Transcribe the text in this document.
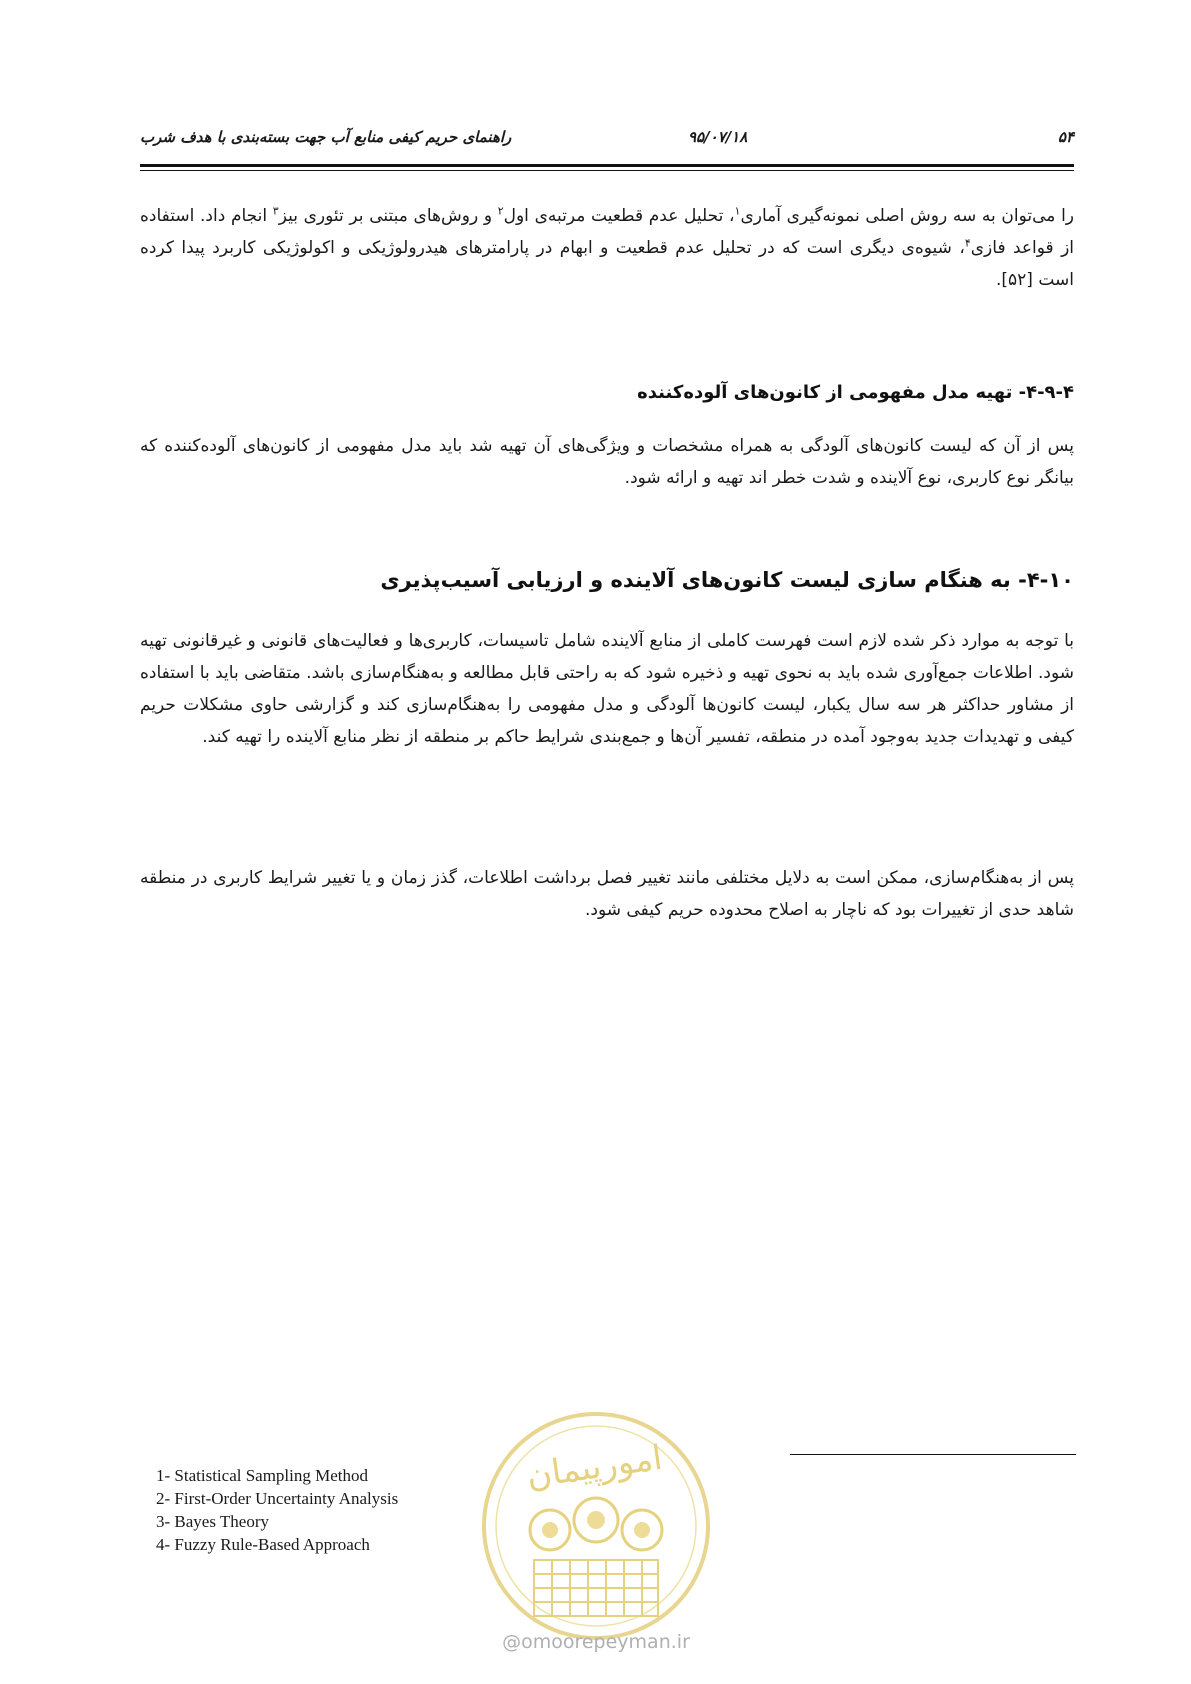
۵۴
۹۵/۰۷/۱۸
راهنمای حریم کیفی منابع آب جهت بسته‌بندی با هدف شرب
را می‌توان به سه روش اصلی نمونه‌گیری آماری$^۱$، تحلیل عدم قطعیت مرتبه‌ی اول$^۲$ و روش‌های مبتنی بر تئوری بیز$^۳$ انجام داد. استفاده از قواعد فازی$^۴$، شیوه‌ی دیگری است که در تحلیل عدم قطعیت و ابهام در پارامترهای هیدرولوژیکی و اکولوژیکی کاربرد پیدا کرده است [۵۲].
۴-۹-۴- تهیه مدل مفهومی از کانون‌های آلوده‌کننده
پس از آن که لیست کانون‌های آلودگی به همراه مشخصات و ویژگی‌های آن تهیه شد باید مدل مفهومی از کانون‌های آلوده‌کننده که بیانگر نوع کاربری، نوع آلاینده و شدت خطر اند تهیه و ارائه شود.
۴-۱۰- به هنگام سازی لیست کانون‌های آلاینده و ارزیابی آسیب‌پذیری
با توجه به موارد ذکر شده لازم است فهرست کاملی از منابع آلاینده شامل تاسیسات، کاربری‌ها و فعالیت‌های قانونی و غیرقانونی تهیه شود. اطلاعات جمع‌آوری شده باید به نحوی تهیه و ذخیره شود که به راحتی قابل مطالعه و به‌هنگام‌سازی باشد. متقاضی باید با استفاده از مشاور حداکثر هر سه سال یکبار، لیست کانون‌ها آلودگی و مدل مفهومی را به‌هنگام‌سازی کند و گزارشی حاوی مشکلات حریم کیفی و تهدیدات جدید به‌وجود آمده در منطقه، تفسیر آن‌ها و جمع‌بندی شرایط حاکم بر منطقه از نظر منابع آلاینده را تهیه کند.
پس از به‌هنگام‌سازی، ممکن است به دلایل مختلفی مانند تغییر فصل برداشت اطلاعات، گذز زمان و یا تغییر شرایط کاربری در منطقه شاهد حدی از تغییرات بود که ناچار به اصلاح محدوده حریم کیفی شود.
امورپیمان
@omoorepeyman.ir
1- Statistical Sampling Method
2- First-Order Uncertainty Analysis
3- Bayes Theory
4- Fuzzy Rule-Based Approach
